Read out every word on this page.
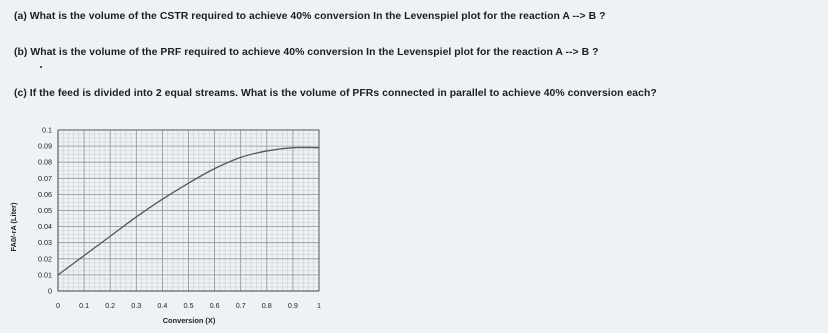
(a) What is the volume of the CSTR required to achieve 40% conversion In the Levenspiel plot for the reaction A --> B ?
(b) What is the volume of the PRF required to achieve 40% conversion In the Levenspiel plot for the reaction A --> B ?
(c) If the feed is divided into 2 equal streams. What is the volume of PFRs connected in parallel to achieve 40% conversion each?
0	0.1 0.2 0.3 0.4 0.5 0.6 0.7 0.8 0.9	1
0
0.01
0.02
0.03
0.04
0.05
0.06
0.07
0.08
0.09
0.1
Conversion (X)
FA0/-rA (Liter)
